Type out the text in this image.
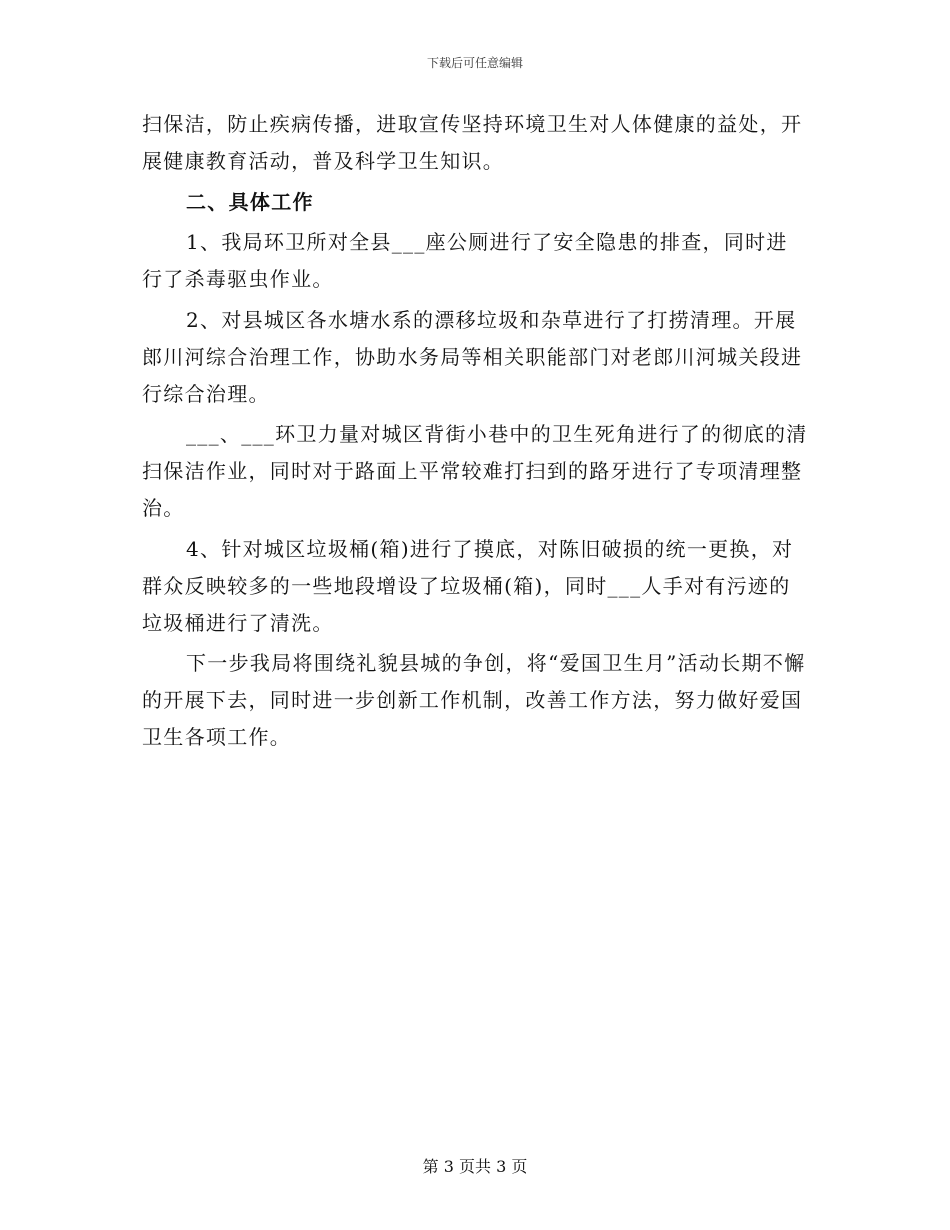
下载后可任意编辑

扫保洁，防止疾病传播，进取宣传坚持环境卫生对人体健康的益处，开展健康教育活动，普及科学卫生知识。

二、具体工作

1、我局环卫所对全县___座公厕进行了安全隐患的排查，同时进行了杀毒驱虫作业。

2、对县城区各水塘水系的漂移垃圾和杂草进行了打捞清理。开展郎川河综合治理工作，协助水务局等相关职能部门对老郎川河城关段进行综合治理。

___、___环卫力量对城区背街小巷中的卫生死角进行了的彻底的清扫保洁作业，同时对于路面上平常较难打扫到的路牙进行了专项清理整治。

4、针对城区垃圾桶(箱)进行了摸底，对陈旧破损的统一更换，对群众反映较多的一些地段增设了垃圾桶(箱)，同时___人手对有污迹的垃圾桶进行了清洗。

下一步我局将围绕礼貌县城的争创，将“爱国卫生月”活动长期不懈的开展下去，同时进一步创新工作机制，改善工作方法，努力做好爱国卫生各项工作。

第 3 页共 3 页
